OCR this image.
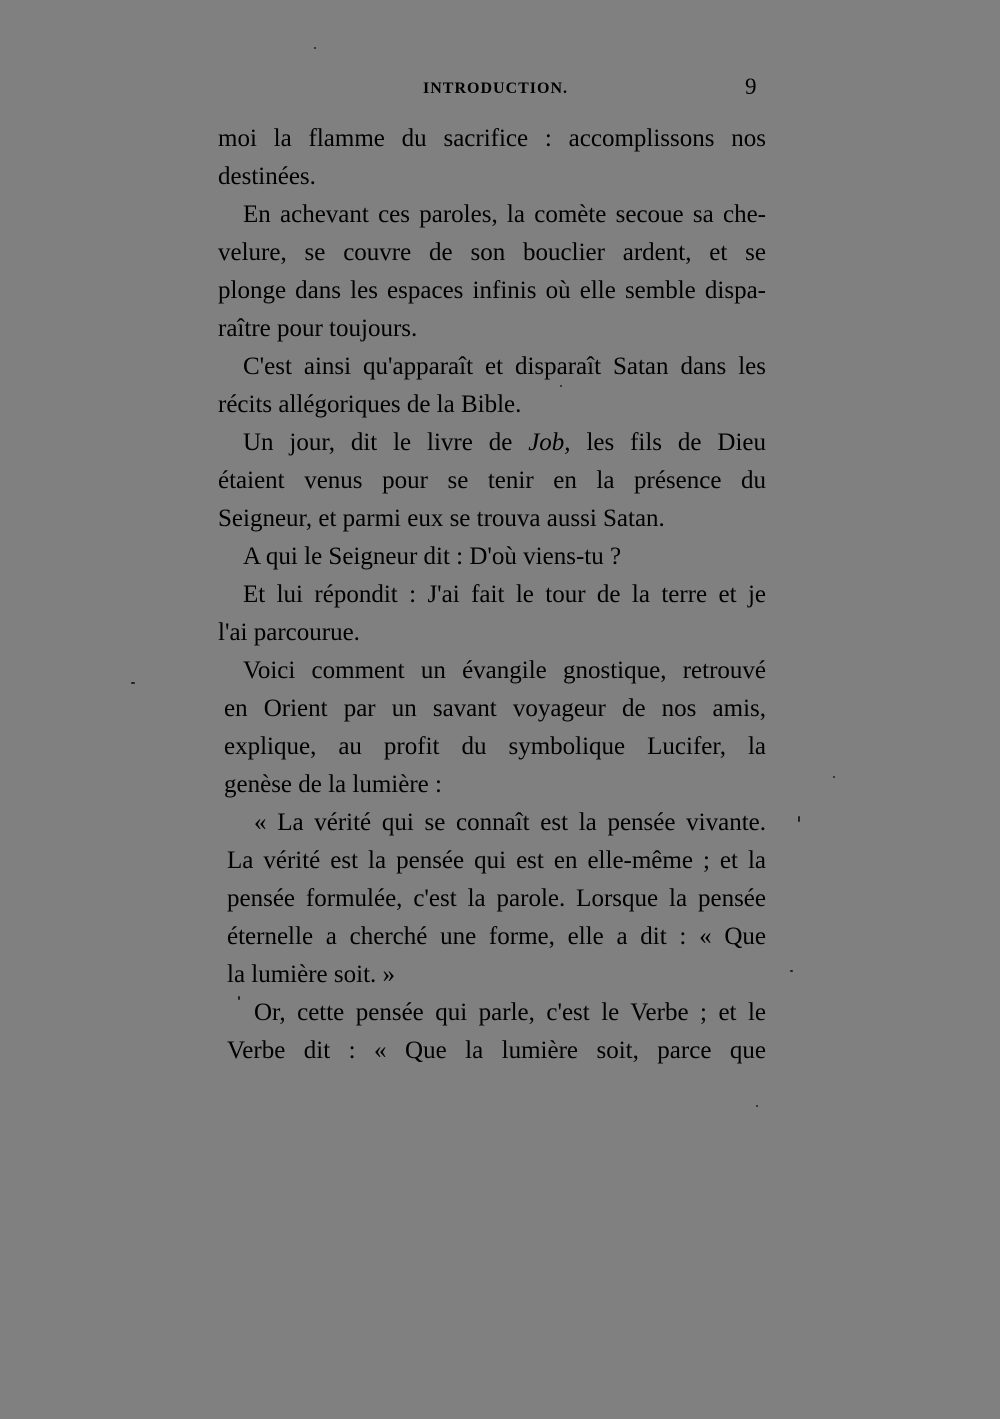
INTRODUCTION.	9
moi la flamme du sacrifice : accomplissons nos
destinées.
En achevant ces paroles, la comète secoue sa che-
velure, se couvre de son bouclier ardent, et se
plonge dans les espaces infinis où elle semble dispa-
raître pour toujours.
C'est ainsi qu'apparaît et disparaît Satan dans les
récits allégoriques de la Bible.
Un jour, dit le livre de Job, les fils de Dieu
étaient venus pour se tenir en la présence du
Seigneur, et parmi eux se trouva aussi Satan.
A qui le Seigneur dit : D'où viens-tu ?
Et lui répondit : J'ai fait le tour de la terre et je
l'ai parcourue.
Voici comment un évangile gnostique, retrouvé
en Orient par un savant voyageur de nos amis,
explique, au profit du symbolique Lucifer, la
genèse de la lumière :
« La vérité qui se connaît est la pensée vivante.
La vérité est la pensée qui est en elle-même ; et la
pensée formulée, c'est la parole. Lorsque la pensée
éternelle a cherché une forme, elle a dit : « Que
la lumière soit. »
Or, cette pensée qui parle, c'est le Verbe ; et le
Verbe dit : « Que la lumière soit, parce que
